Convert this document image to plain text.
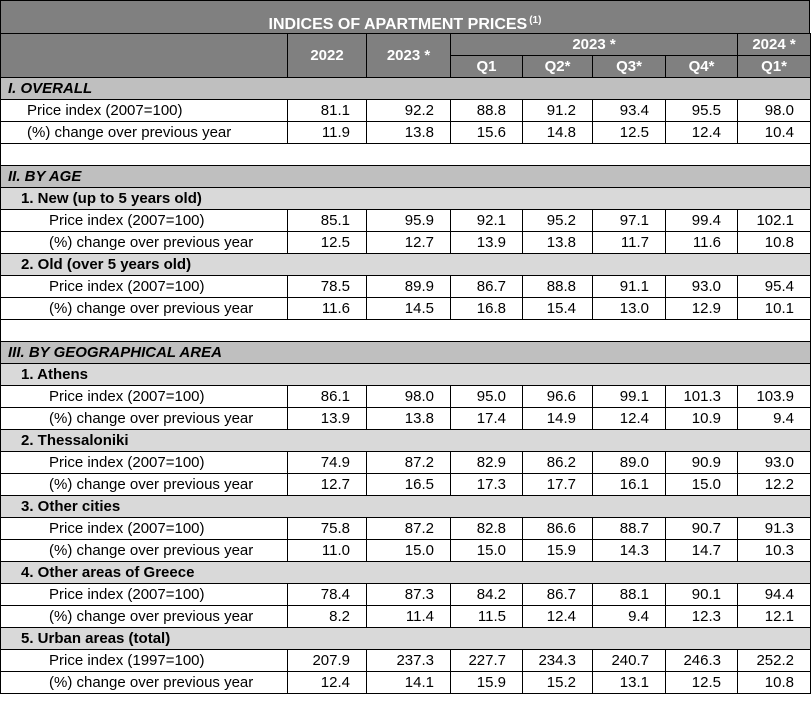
INDICES OF APARTMENT PRICES $^{(1)}$
	2022	2023 *	2023 *				2024 *
			Q1	Q2*	Q3*	Q4*	Q1*
I. OVERALL							
Price index (2007=100)	81.1	92.2	88.8	91.2	93.4	95.5	98.0
(%) change over previous year	11.9	13.8	15.6	14.8	12.5	12.4	10.4

II. BY AGE							
1. New (up to 5 years old)							
Price index (2007=100)	85.1	95.9	92.1	95.2	97.1	99.4	102.1
(%) change over previous year	12.5	12.7	13.9	13.8	11.7	11.6	10.8
2. Old (over 5 years old)							
Price index (2007=100)	78.5	89.9	86.7	88.8	91.1	93.0	95.4
(%) change over previous year	11.6	14.5	16.8	15.4	13.0	12.9	10.1

III. BY GEOGRAPHICAL AREA							
1. Athens							
Price index (2007=100)	86.1	98.0	95.0	96.6	99.1	101.3	103.9
(%) change over previous year	13.9	13.8	17.4	14.9	12.4	10.9	9.4
2. Thessaloniki							
Price index (2007=100)	74.9	87.2	82.9	86.2	89.0	90.9	93.0
(%) change over previous year	12.7	16.5	17.3	17.7	16.1	15.0	12.2
3. Other cities							
Price index (2007=100)	75.8	87.2	82.8	86.6	88.7	90.7	91.3
(%) change over previous year	11.0	15.0	15.0	15.9	14.3	14.7	10.3
4. Other areas of Greece							
Price index (2007=100)	78.4	87.3	84.2	86.7	88.1	90.1	94.4
(%) change over previous year	8.2	11.4	11.5	12.4	9.4	12.3	12.1
5. Urban areas (total)							
Price index (1997=100)	207.9	237.3	227.7	234.3	240.7	246.3	252.2
(%) change over previous year	12.4	14.1	15.9	15.2	13.1	12.5	10.8
